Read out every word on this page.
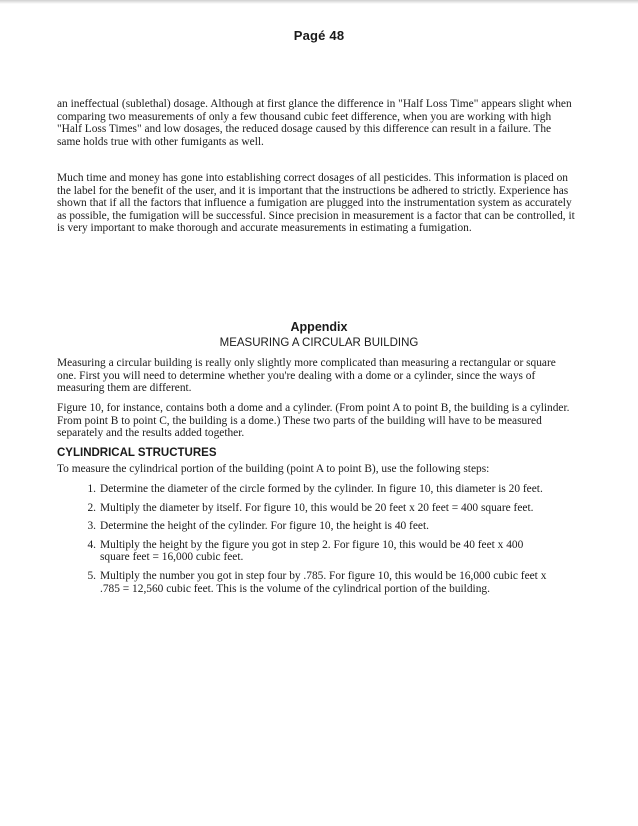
Pagé 48

an ineffectual (sublethal) dosage. Although at first glance the difference in "Half Loss Time" appears slight when comparing two measurements of only a few thousand cubic feet difference, when you are working with high "Half Loss Times" and low dosages, the reduced dosage caused by this difference can result in a failure. The same holds true with other fumigants as well.

Much time and money has gone into establishing correct dosages of all pesticides. This information is placed on the label for the benefit of the user, and it is important that the instructions be adhered to strictly. Experience has shown that if all the factors that influence a fumigation are plugged into the instrumentation system as accurately as possible, the fumigation will be successful. Since precision in measurement is a factor that can be controlled, it is very important to make thorough and accurate measurements in estimating a fumigation.

Appendix
MEASURING A CIRCULAR BUILDING

Measuring a circular building is really only slightly more complicated than measuring a rectangular or square one. First you will need to determine whether you're dealing with a dome or a cylinder, since the ways of measuring them are different.

Figure 10, for instance, contains both a dome and a cylinder. (From point A to point B, the building is a cylinder. From point B to point C, the building is a dome.) These two parts of the building will have to be measured separately and the results added together.

CYLINDRICAL STRUCTURES

To measure the cylindrical portion of the building (point A to point B), use the following steps:

1. Determine the diameter of the circle formed by the cylinder. In figure 10, this diameter is 20 feet.
2. Multiply the diameter by itself. For figure 10, this would be 20 feet x 20 feet = 400 square feet.
3. Determine the height of the cylinder. For figure 10, the height is 40 feet.
4. Multiply the height by the figure you got in step 2. For figure 10, this would be 40 feet x 400 square feet = 16,000 cubic feet.
5. Multiply the number you got in step four by .785. For figure 10, this would be 16,000 cubic feet x .785 = 12,560 cubic feet. This is the volume of the cylindrical portion of the building.
